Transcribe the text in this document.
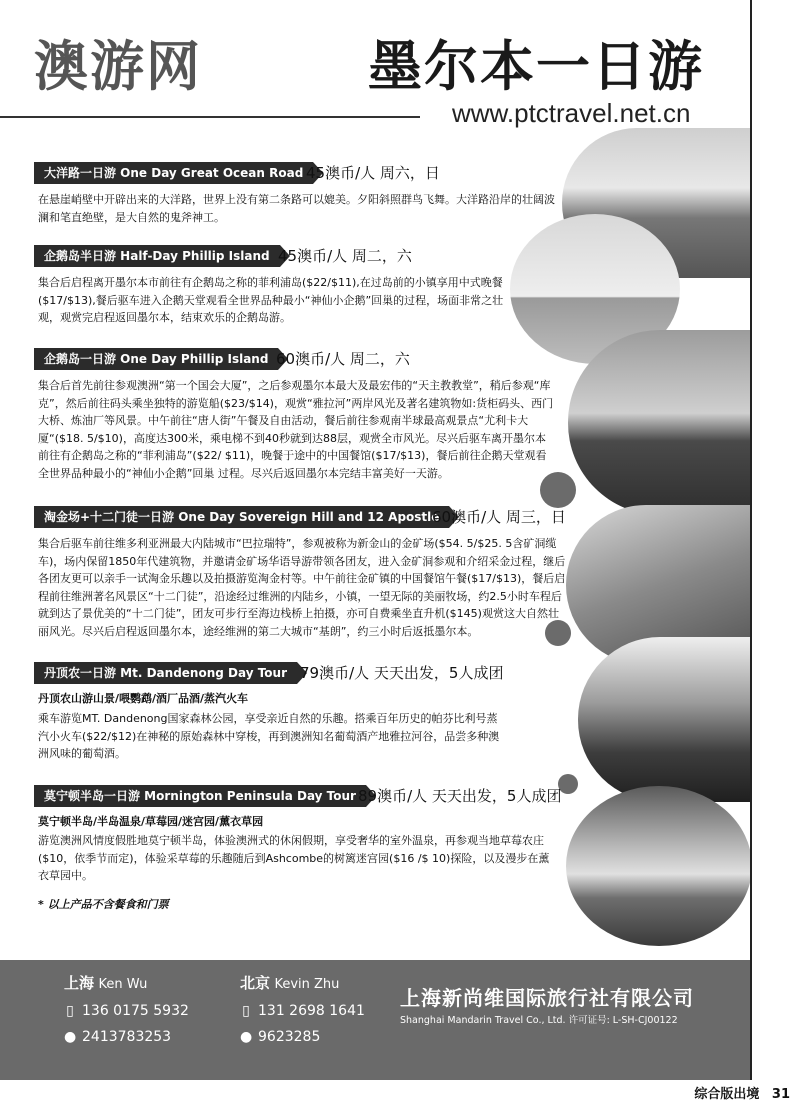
澳游网	墨尔本一日游
www.ptctravel.net.cn
大洋路一日游 One Day Great Ocean Road 45澳币/人 周六，日
在悬崖峭壁中开辟出来的大洋路，世界上没有第二条路可以媲美。夕阳斜照群鸟飞舞。大洋路沿岸的壮阔波澜和笔直绝壁，是大自然的鬼斧神工。
企鹅岛半日游 Half-Day Phillip Island 45澳币/人 周二，六
集合后启程离开墨尔本市前往有企鹅岛之称的菲利浦岛($22/$11),在过岛前的小镇享用中式晚餐($17/$13),餐后驱车进入企鹅天堂观看全世界品种最小“神仙小企鹅”回巢的过程，场面非常之壮观，观赏完启程返回墨尔本，结束欢乐的企鹅岛游。
企鹅岛一日游 One Day Phillip Island 60澳币/人 周二，六
集合后首先前往参观澳洲“第一个国会大厦”，之后参观墨尔本最大及最宏伟的“天主教教堂”，稍后参观“库克”，然后前往码头乘坐独特的游览船($23/$14)，观赏“雅拉河”两岸风光及著名建筑物如:货柜码头、西门大桥、炼油厂等风景。中午前往“唐人街”午餐及自由活动，餐后前往参观南半球最高观景点“尤利卡大厦“($18. 5/$10)，高度达300米，乘电梯不到40秒就到达88层，观赏全市风光。尽兴后驱车离开墨尔本前往有企鹅岛之称的“菲利浦岛”($22/ $11)，晚餐于途中的中国餐馆($17/$13)，餐后前往企鹅天堂观看全世界品种最小的“神仙小企鹅”回巢 过程。尽兴后返回墨尔本完结丰富美好一天游。
淘金场+十二门徒一日游 One Day Sovereign Hill and 12 Apostle
60澳币/人 周三，日
集合后驱车前往维多利亚洲最大内陆城市“巴拉瑞特”，参观被称为新金山的金矿场($54. 5/$25. 5含矿洞缆车)，场内保留1850年代建筑物，并邀请金矿场华语导游带领各团友，进入金矿洞参观和介绍采金过程，继后各团友更可以亲手一试淘金乐趣以及拍摄游览淘金村等。中午前往金矿镇的中国餐馆午餐($17/$13)，餐后启程前往维洲著名风景区“十二门徒”，沿途经过维洲的内陆乡，小镇，一望无际的美丽牧场，约2.5小时车程后就到达了景优美的“十二门徒”，团友可步行至海边栈桥上拍摄，亦可自费乘坐直升机($145)观赏这大自然壮丽风光。尽兴后启程返回墨尔本，途经维洲的第二大城市“基朗”，约三小时后返抵墨尔本。
丹顶农一日游 Mt. Dandenong Day Tour 79澳币/人 天天出发，5人成团
丹顶农山游山景/喂鹦鹉/酒厂品酒/蒸汽火车
乘车游览MT. Dandenong国家森林公园，享受亲近自然的乐趣。搭乘百年历史的帕芬比利号蒸汽小火车($22/$12)在神秘的原始森林中穿梭，再到澳洲知名葡萄酒产地雅拉河谷，品尝多种澳洲风味的葡萄酒。
莫宁顿半岛一日游 Mornington Peninsula Day Tour 89澳币/人 天天出发，5人成团
莫宁顿半岛/半岛温泉/草莓园/迷宫园/薰衣草园
游览澳洲风情度假胜地莫宁顿半岛，体验澳洲式的休闲假期，享受奢华的室外温泉，再参观当地草莓农庄($10，依季节而定)，体验采草莓的乐趣随后到Ashcombe的树篱迷宫园($16 /$ 10)探险，以及漫步在薰衣草园中。
* 以上产品不含餐食和门票
上海 Ken Wu
▯ 136 0175 5932
● 2413783253
北京 Kevin Zhu
▯ 131 2698 1641
● 9623285
上海新尚维国际旅行社有限公司
Shanghai Mandarin Travel Co., Ltd. 许可证号: L-SH-CJ00122
综合版出境 31
